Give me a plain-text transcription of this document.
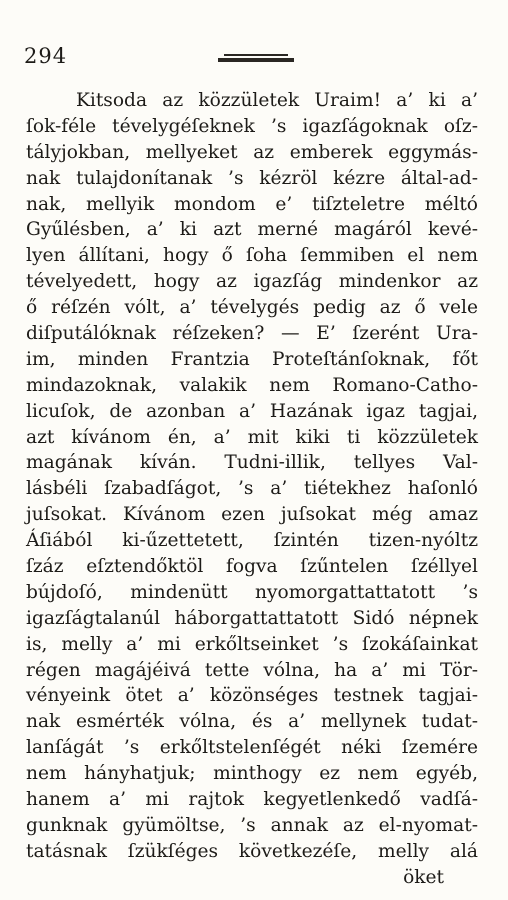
294
Kitsoda az közzületek Uraim! a’ ki a’
ſok-féle tévelygéſeknek ’s igazſágoknak oſz-
tályjokban, mellyeket az emberek eggymás-
nak tulajdonítanak ’s kézröl kézre által-ad-
nak, mellyik mondom e’ tiſzteletre méltó
Gyűlésben, a’ ki azt merné magáról kevé-
lyen állítani, hogy ő ſoha ſemmiben el nem
tévelyedett, hogy az igazſág mindenkor az
ő réſzén vólt, a’ tévelygés pedig az ő vele
diſputálóknak réſzeken? — E’ ſzerént Ura-
im, minden Frantzia Proteſtánſoknak, főt
mindazoknak, valakik nem Romano-Catho-
licuſok, de azonban a’ Hazának igaz tagjai,
azt kívánom én, a’ mit kiki ti közzületek
magának kíván. Tudni-illik, tellyes Val-
lásbéli ſzabadſágot, ’s a’ tiétekhez haſonló
juſsokat. Kívánom ezen juſsokat még amaz
Áſiából ki-űzettetett, ſzintén tizen-nyóltz
ſzáz eſztendőktöl fogva ſzűntelen ſzéllyel
bújdoſó, mindenütt nyomorgattattatott ’s
igazſágtalanúl háborgattattatott Sidó népnek
is, melly a’ mi erkőltseinket ’s ſzokáſainkat
régen magájéivá tette vólna, ha a’ mi Tör-
vényeink ötet a’ közönséges testnek tagjai-
nak esmérték vólna, és a’ mellynek tudat-
lanſágát ’s erkőltstelenſégét néki ſzemére
nem hányhatjuk; minthogy ez nem egyéb,
hanem a’ mi rajtok kegyetlenkedő vadſá-
gunknak gyümöltse, ’s annak az el-nyomat-
tatásnak ſzükſéges következéſe, melly alá
öket
